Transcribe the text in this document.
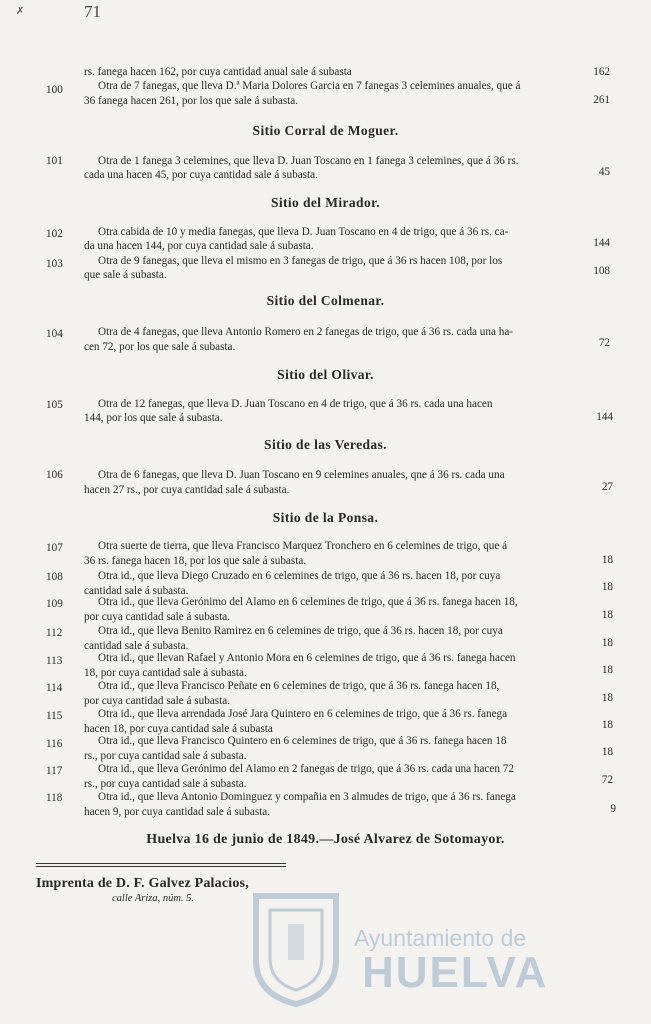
✗	71
rs. fanega hacen 162, por cuya cantidad anual sale á subasta	162
100	Otra de 7 fanegas, que lleva D.ª Maria Dolores Garcia en 7 fanegas 3 celemines anuales, que á
36 fanega hacen 261, por los que sale á subasta.	261
Sitio Corral de Moguer.
101	Otra de 1 fanega 3 celemines, que lleva D. Juan Toscano en 1 fanega 3 celemines, que á 36 rs.
cada una hacen 45, por cuya cantidad sale á subasta.	45
Sitio del Mirador.
102	Otra cabida de 10 y media fanegas, que lleva D. Juan Toscano en 4 de trigo, que á 36 rs. ca-
da una hacen 144, por cuya cantidad sale á subasta.	144
103	Otra de 9 fanegas, que lleva el mismo en 3 fanegas de trigo, que á 36 rs hacen 108, por los
que sale á subasta.	108
Sitio del Colmenar.
104	Otra de 4 fanegas, que lleva Antonio Romero en 2 fanegas de trigo, que á 36 rs. cada una ha-
cen 72, por los que sale á subasta.	72
Sitio del Olivar.
105	Otra de 12 fanegas, que lleva D. Juan Toscano en 4 de trigo, que á 36 rs. cada una hacen
144, por los que sale á subasta.	144
Sitio de las Veredas.
106	Otra de 6 fanegas, que lleva D. Juan Toscano en 9 celemines anuales, qne á 36 rs. cada una
hacen 27 rs., por cuya cantidad sale á subasta.	27
Sitio de la Ponsa.
107	Otra suerte de tierra, que lleva Francisco Marquez Tronchero en 6 celemines de trigo, que á
36 rs. fanega hacen 18, por los que sale á subasta.	18
108	Otra id., que lleva Diego Cruzado en 6 celemines de trigo, que á 36 rs. hacen 18, por cuya
cantidad sale á subasta.	18
109	Otra id., que lleva Gerónimo del Alamo en 6 celemines de trigo, que á 36 rs. fanega hacen 18,
por cuya cantidad sale á subasta.	18
112	Otra id., que lleva Benito Ramirez en 6 celemines de trigo, que á 36 rs. hacen 18, por cuya
cantidad sale á subasta.	18
113	Otra id., que llevan Rafael y Antonio Mora en 6 celemines de trigo, que á 36 rs. fanega hacen
18, por cuya cantidad sale á subasta.	18
114	Otra id., que lleva Francisco Peñate en 6 celemines de trigo, que á 36 rs. fanega hacen 18,
por cuya cantidad sale á subasta.	18
115	Otra id., que lleva arrendada José Jara Quintero en 6 celemines de trigo, que á 36 rs. fanega
hacen 18, por cuya cantidad sale á subasta	18
116	Otra id., que lleva Francisco Quintero en 6 celemines de trigo, que á 36 rs. fanega hacen 18
rs., por cuya cantidad sale á subasta.	18
117	Otra id., que lleva Gerónimo del Alamo en 2 fanegas de trigo, que á 36 rs. cada una hacen 72
rs., por cuya cantidad sale á subasta.	72
118	Otra id., que lleva Antonio Dominguez y compañia en 3 almudes de trigo, que á 36 rs. fanega
hacen 9, por cuya cantidad sale á subasta.	9
Huelva 16 de junio de 1849.—José Alvarez de Sotomayor.
Imprenta de D. F. Galvez Palacios,
calle Ariza, núm. 5.
Ayuntamiento de
HUELVA
